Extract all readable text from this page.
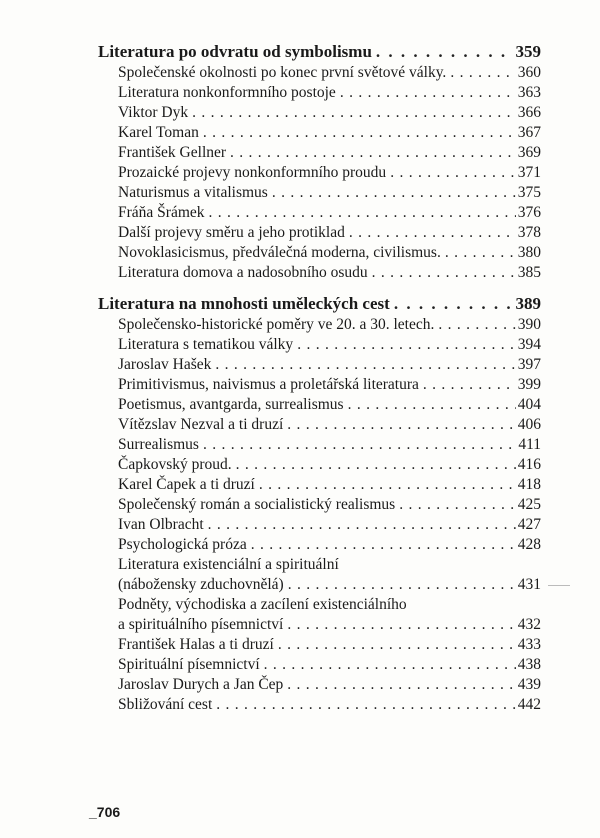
Literatura po odvratu od symbolismu . . .	359
Společenské okolnosti po konec první světové války. . . .	360
Literatura nonkonformního postoje . . .	363
Viktor Dyk . . .	366
Karel Toman . . .	367
František Gellner . . .	369
Prozaické projevy nonkonformního proudu . . .	371
Naturismus a vitalismus . . .	375
Fráňa Šrámek . . .	376
Další projevy směru a jeho protiklad . . .	378
Novoklasicismus, předválečná moderna, civilismus. . . .	380
Literatura domova a nadosobního osudu . . .	385
Literatura na mnohosti uměleckých cest . . .	389
Společensko-historické poměry ve 20. a 30. letech. . . .	390
Literatura s tematikou války . . .	394
Jaroslav Hašek . . .	397
Primitivismus, naivismus a proletářská literatura . . .	399
Poetismus, avantgarda, surrealismus . . .	404
Vítězslav Nezval a ti druzí . . .	406
Surrealismus . . .	411
Čapkovský proud. . . .	416
Karel Čapek a ti druzí . . .	418
Společenský román a socialistický realismus . . .	425
Ivan Olbracht . . .	427
Psychologická próza . . .	428
Literatura existenciální a spirituální
(nábožensky zduchovnělá) . . .	431
Podněty, východiska a zacílení existenciálního
a spirituálního písemnictví . . .	432
František Halas a ti druzí . . .	433
Spirituální písemnictví . . .	438
Jaroslav Durych a Jan Čep . . .	439
Sbližování cest . . .	442
_706
